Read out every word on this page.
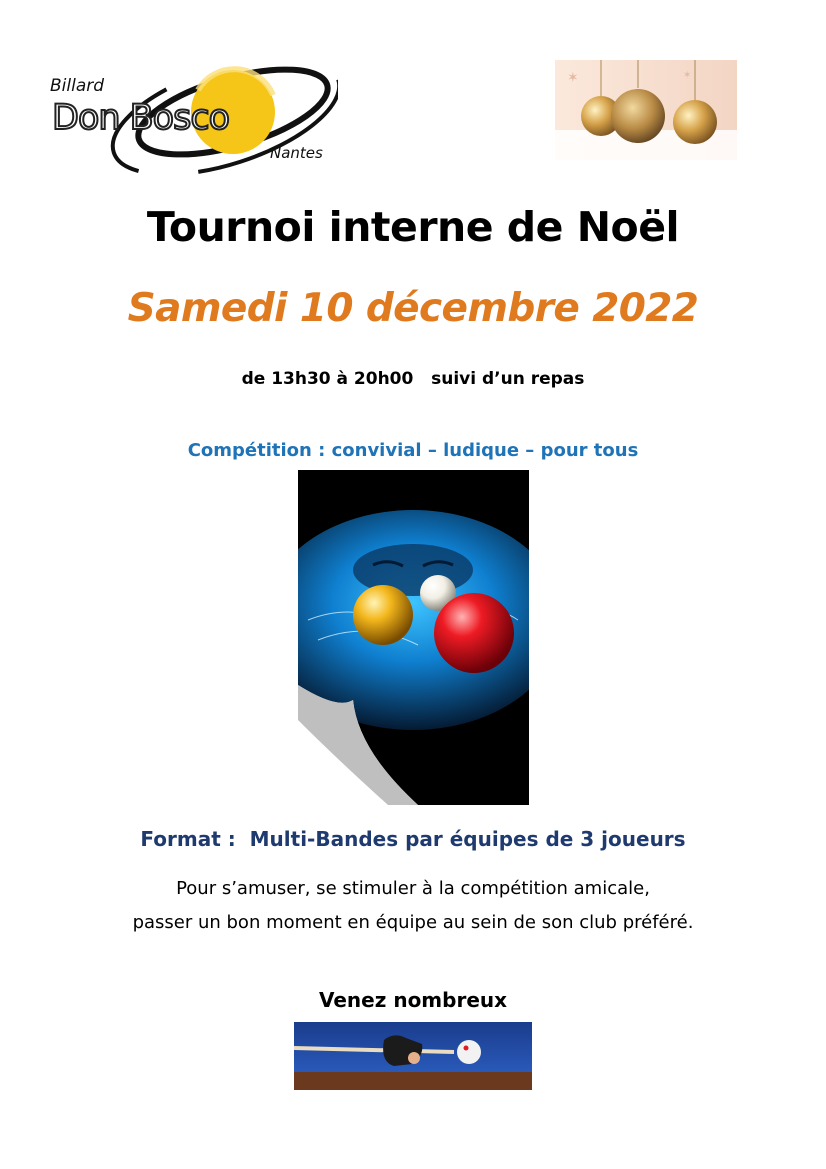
Billard
Don Bosco
Nantes
✶	✶
Tournoi interne de Noël
Samedi 10 décembre 2022
de 13h30 à 20h00   suivi d’un repas
Compétition : convivial – ludique – pour tous
Format :  Multi-Bandes par équipes de 3 joueurs
Pour s’amuser, se stimuler à la compétition amicale,
passer un bon moment en équipe au sein de son club préféré.
Venez nombreux
